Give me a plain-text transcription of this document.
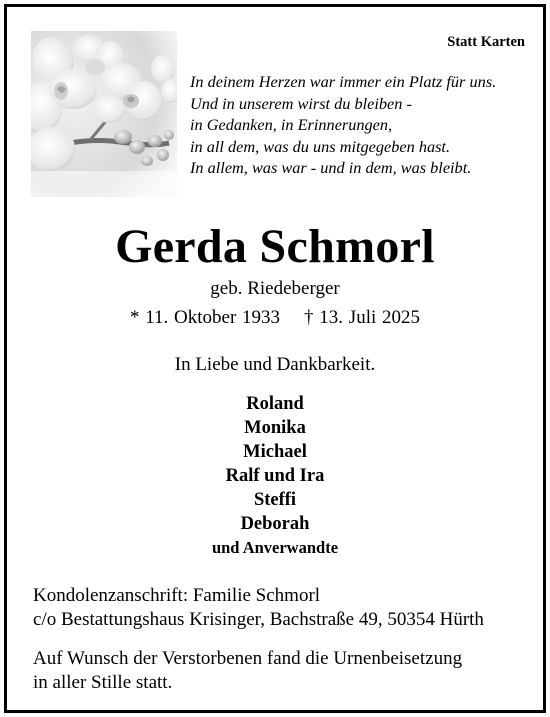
Statt Karten
In deinem Herzen war immer ein Platz für uns.
Und in unserem wirst du bleiben -
in Gedanken, in Erinnerungen,
in all dem, was du uns mitgegeben hast.
In allem, was war - und in dem, was bleibt.
Gerda Schmorl
geb. Riedeberger
* 11. Oktober 1933 † 13. Juli 2025
In Liebe und Dankbarkeit.
Roland
Monika
Michael
Ralf und Ira
Steffi
Deborah
und Anverwandte
Kondolenzanschrift: Familie Schmorl
c/o Bestattungshaus Krisinger, Bachstraße 49, 50354 Hürth
Auf Wunsch der Verstorbenen fand die Urnenbeisetzung
in aller Stille statt.
